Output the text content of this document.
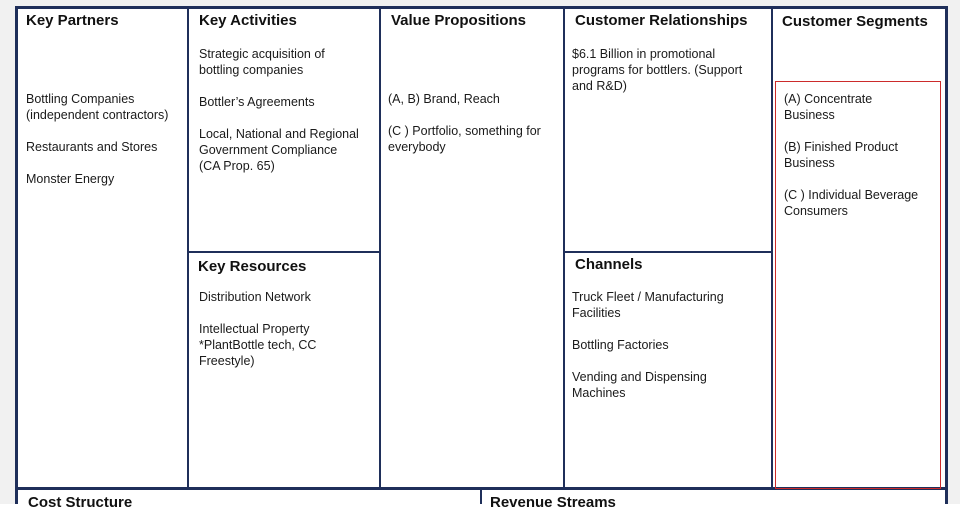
Key Partners
Bottling Companies
(independent contractors)
Restaurants and Stores
Monster Energy
Key Activities
Strategic acquisition of
bottling companies
Bottler’s Agreements
Local, National and Regional
Government Compliance
(CA Prop. 65)
Key Resources
Distribution Network
Intellectual Property
*PlantBottle tech, CC
Freestyle)
Value Propositions
(A, B) Brand, Reach
(C ) Portfolio, something for
everybody
Customer Relationships
$6.1 Billion in promotional
programs for bottlers. (Support
and R&D)
Channels
Truck Fleet / Manufacturing
Facilities
Bottling Factories
Vending and Dispensing
Machines
Customer Segments
(A) Concentrate
Business
(B) Finished Product
Business
(C ) Individual Beverage
Consumers
Cost Structure	Revenue Streams
